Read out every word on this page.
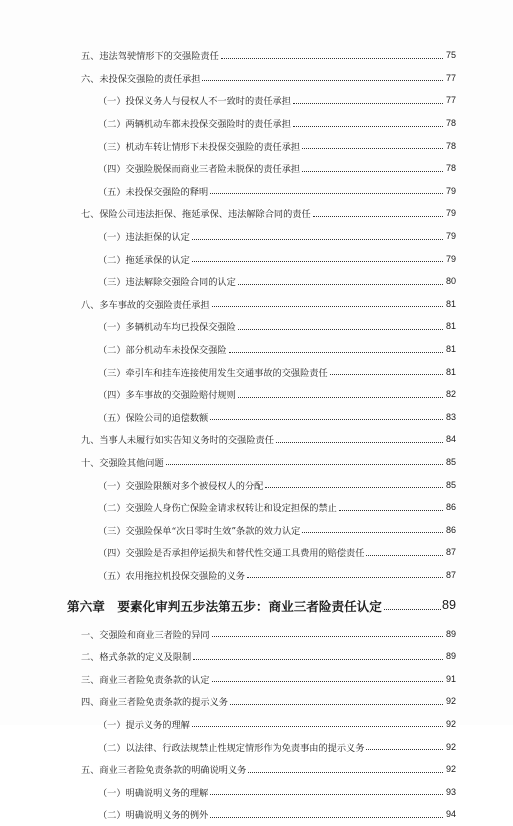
五、违法驾驶情形下的交强险责任	75
六、未投保交强险的责任承担	77
（一）投保义务人与侵权人不一致时的责任承担	77
（二）两辆机动车都未投保交强险时的责任承担	78
（三）机动车转让情形下未投保交强险的责任承担	78
（四）交强险脱保而商业三者险未脱保的责任承担	78
（五）未投保交强险的释明	79
七、保险公司违法拒保、拖延承保、违法解除合同的责任	79
（一）违法拒保的认定	79
（二）拖延承保的认定	79
（三）违法解除交强险合同的认定	80
八、多车事故的交强险责任承担	81
（一）多辆机动车均已投保交强险	81
（二）部分机动车未投保交强险	81
（三）牵引车和挂车连接使用发生交通事故的交强险责任	81
（四）多车事故的交强险赔付规则	82
（五）保险公司的追偿数额	83
九、当事人未履行如实告知义务时的交强险责任	84
十、交强险其他问题	85
（一）交强险限额对多个被侵权人的分配	85
（二）交强险人身伤亡保险金请求权转让和设定担保的禁止	86
（三）交强险保单“次日零时生效”条款的效力认定	86
（四）交强险是否承担停运损失和替代性交通工具费用的赔偿责任	87
（五）农用拖拉机投保交强险的义务	87
第六章　要素化审判五步法第五步：商业三者险责任认定	89
一、交强险和商业三者险的异同	89
二、格式条款的定义及限制	89
三、商业三者险免责条款的认定	91
四、商业三者险免责条款的提示义务	92
（一）提示义务的理解	92
（二）以法律、行政法规禁止性规定情形作为免责事由的提示义务	92
五、商业三者险免责条款的明确说明义务	92
（一）明确说明义务的理解	93
（二）明确说明义务的例外	94
